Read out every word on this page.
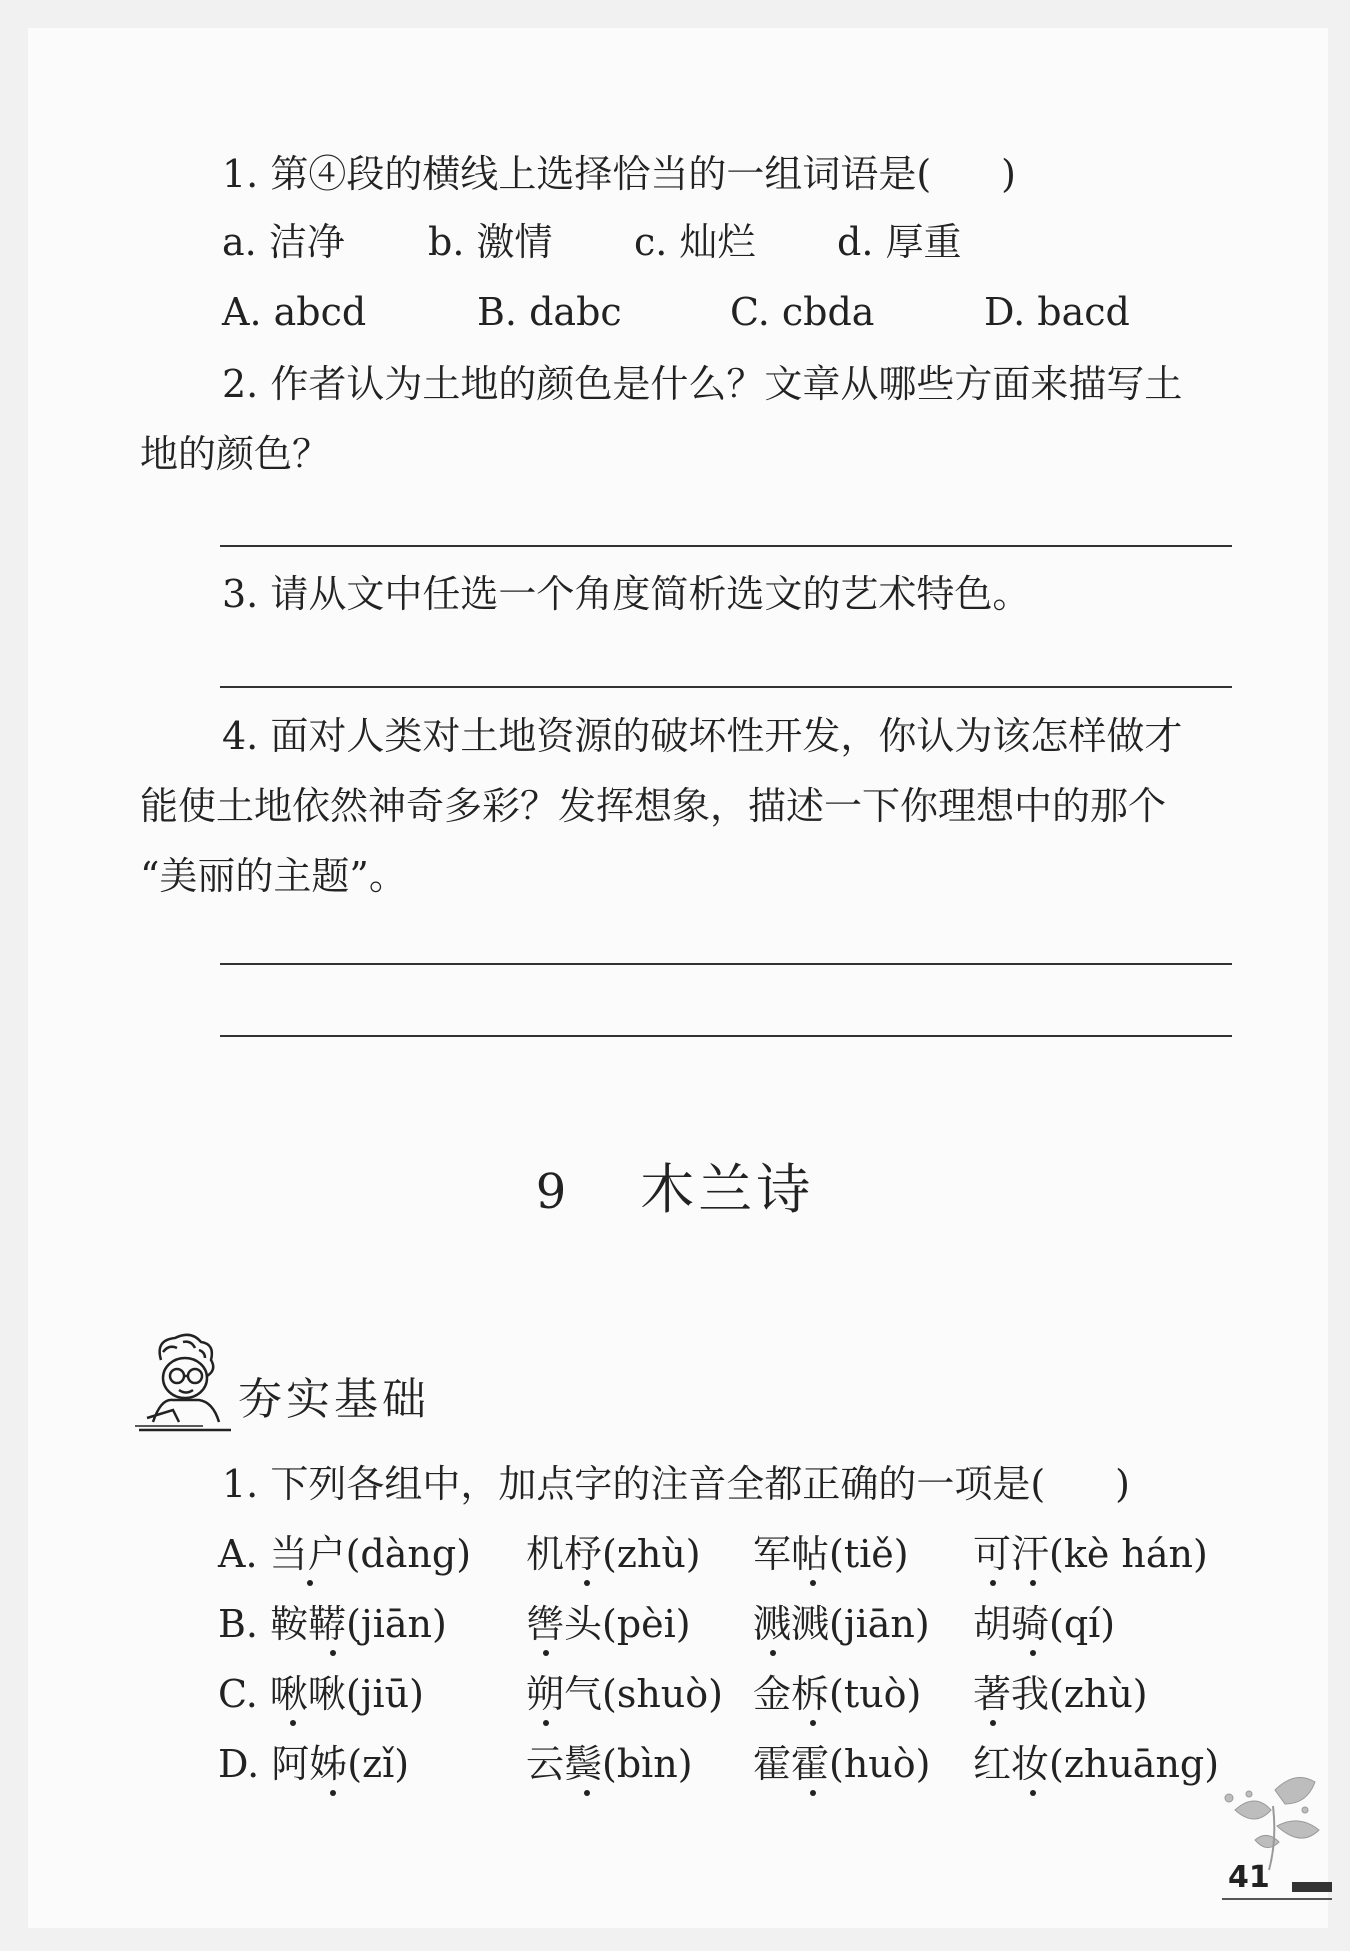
1. 第④段的横线上选择恰当的一组词语是( )
a. 洁净 b. 激情 c. 灿烂 d. 厚重
A. abcd	B. dabc	C. cbda	D. bacd
2. 作者认为土地的颜色是什么？文章从哪些方面来描写土
地的颜色？
3. 请从文中任选一个角度简析选文的艺术特色。
4. 面对人类对土地资源的破坏性开发，你认为该怎样做才
能使土地依然神奇多彩？发挥想象，描述一下你理想中的那个
“美丽的主题”。
9 木兰诗
夯实基础
1. 下列各组中，加点字的注音全都正确的一项是( )
A. 当户(dàng) 机杼(zhù) 军帖(tiě) 可汗(kè hán)
B. 鞍鞯(jiān) 辔头(pèi) 溅溅(jiān) 胡骑(qí)
C. 啾啾(jiū)	朔气(shuò) 金柝(tuò) 著我(zhù)
D. 阿姊(zǐ)	云鬓(bìn) 霍霍(huò) 红妆(zhuāng)
41
